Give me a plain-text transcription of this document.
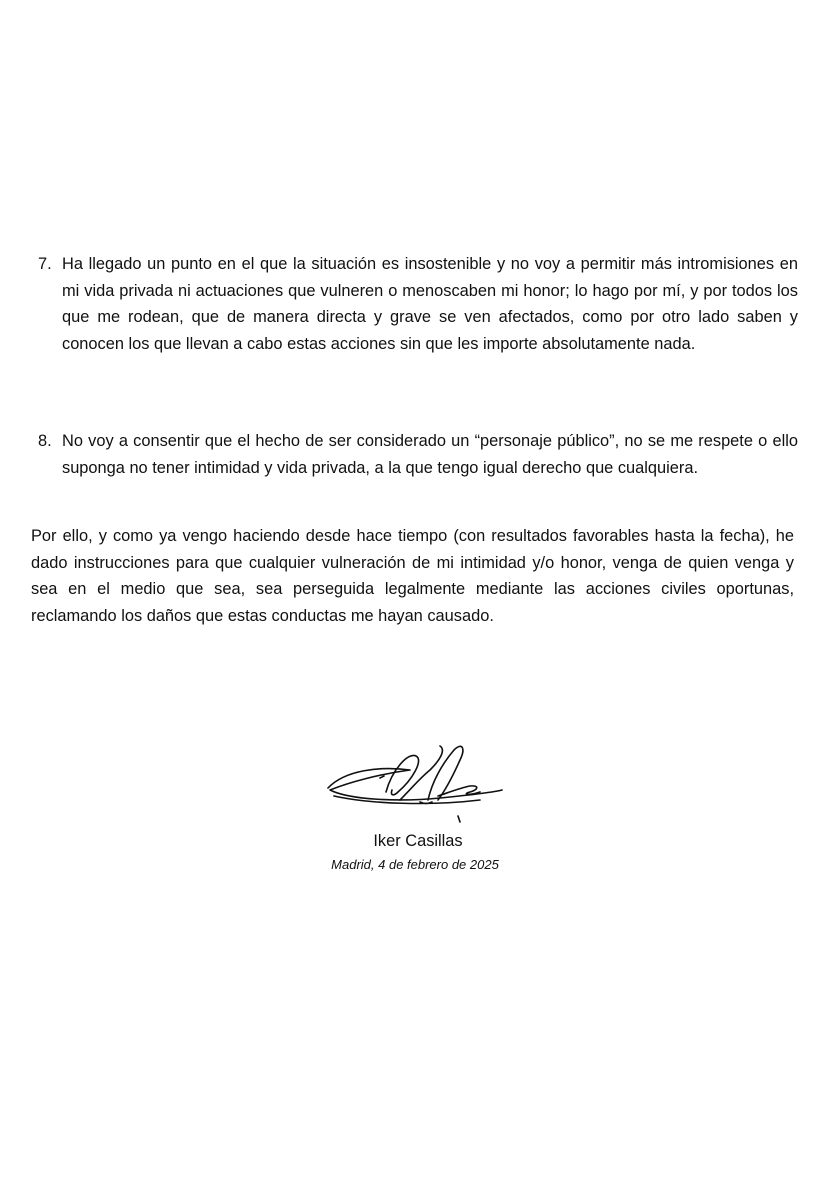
7. Ha llegado un punto en el que la situación es insostenible y no voy a permitir más intromisiones en mi vida privada ni actuaciones que vulneren o menoscaben mi honor; lo hago por mí, y por todos los que me rodean, que de manera directa y grave se ven afectados, como por otro lado saben y conocen los que llevan a cabo estas acciones sin que les importe absolutamente nada.
8. No voy a consentir que el hecho de ser considerado un “personaje público”, no se me respete o ello suponga no tener intimidad y vida privada, a la que tengo igual derecho que cualquiera.
Por ello, y como ya vengo haciendo desde hace tiempo (con resultados favorables hasta la fecha), he dado instrucciones para que cualquier vulneración de mi intimidad y/o honor, venga de quien venga y sea en el medio que sea, sea perseguida legalmente mediante las acciones civiles oportunas, reclamando los daños que estas conductas me hayan causado.
Iker Casillas
Madrid, 4 de febrero de 2025
